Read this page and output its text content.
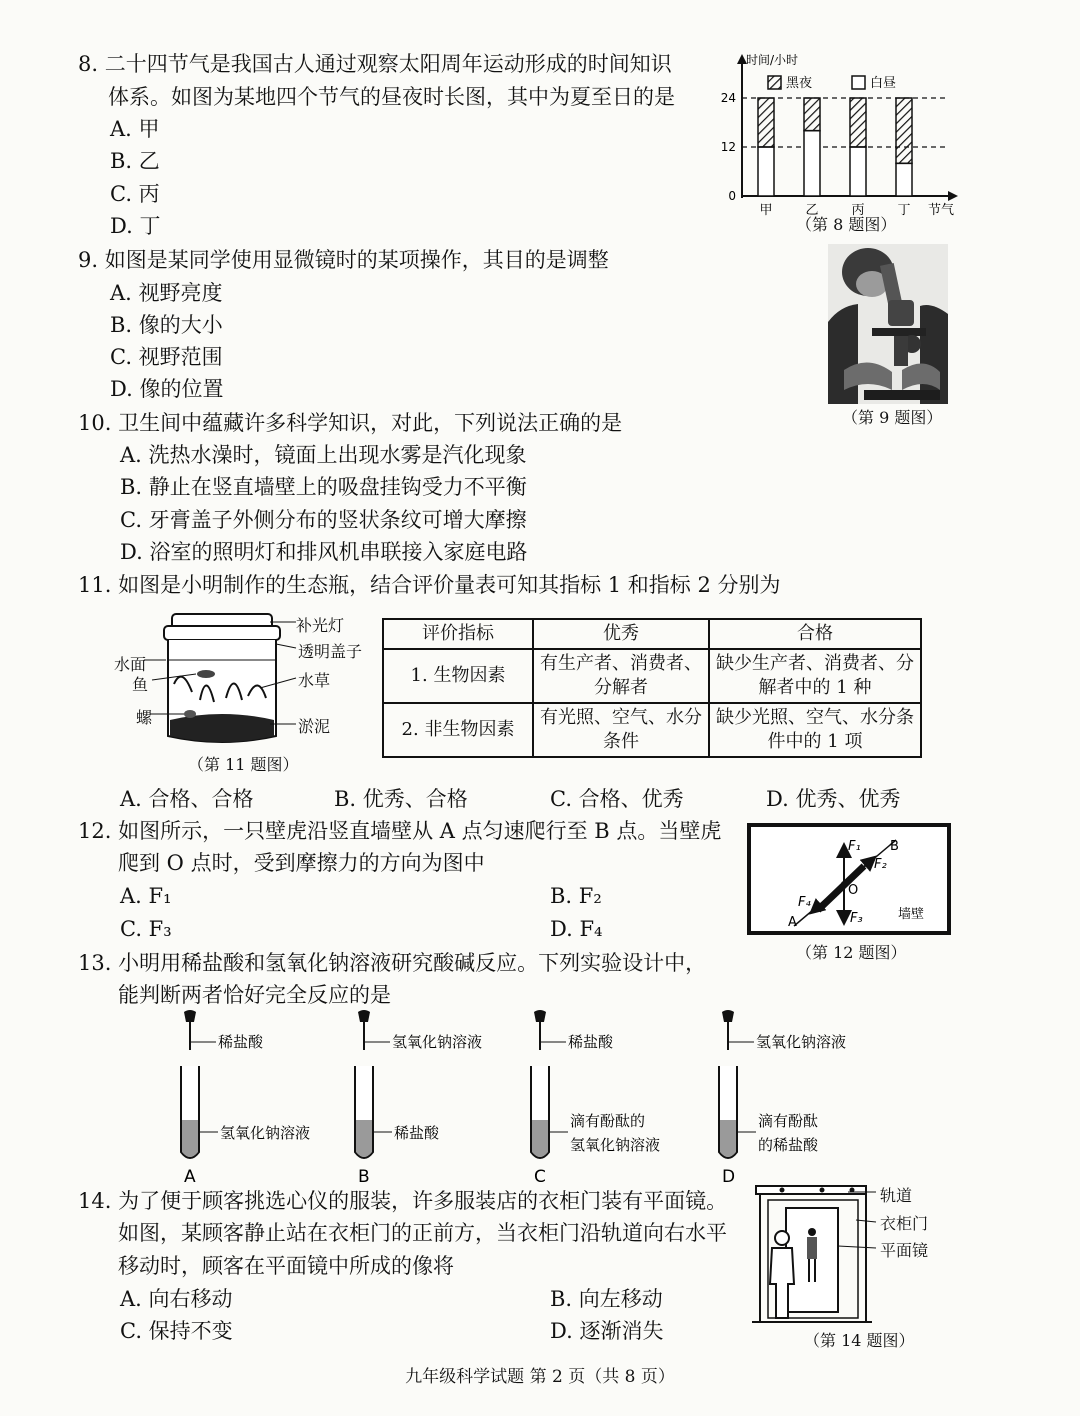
8. 二十四节气是我国古人通过观察太阳周年运动形成的时间知识
体系。如图为某地四个节气的昼夜时长图，其中为夏至日的是
A. 甲
B. 乙
C. 丙
D. 丁
时间/小时
黑夜	白昼
节气
0
12
24
甲	乙	丙	丁
（第 8 题图）
9. 如图是某同学使用显微镜时的某项操作，其目的是调整
A. 视野亮度
B. 像的大小
C. 视野范围
D. 像的位置
（第 9 题图）
10. 卫生间中蕴藏许多科学知识，对此，下列说法正确的是
A. 洗热水澡时，镜面上出现水雾是汽化现象
B. 静止在竖直墙壁上的吸盘挂钩受力不平衡
C. 牙膏盖子外侧分布的竖状条纹可增大摩擦
D. 浴室的照明灯和排风机串联接入家庭电路
11. 如图是小明制作的生态瓶，结合评价量表可知其指标 1 和指标 2 分别为
补光灯
透明盖子
水面
鱼	水草
螺	淤泥
（第 11 题图）
评价指标	优秀	合格
1. 生物因素	有生产者、消费者、分解者	缺少生产者、消费者、分解者中的 1 种
2. 非生物因素	有光照、空气、水分条件	缺少光照、空气、水分条件中的 1 项
A. 合格、合格	B. 优秀、合格	C. 合格、优秀	D. 优秀、优秀
12. 如图所示，一只壁虎沿竖直墙壁从 A 点匀速爬行至 B 点。当壁虎
爬到 O 点时，受到摩擦力的方向为图中
A. F₁	B. F₂
C. F₃	D. F₄
B
A
O
F₁
F₂
F₃
F₄
墙壁
（第 12 题图）
13. 小明用稀盐酸和氢氧化钠溶液研究酸碱反应。下列实验设计中，
能判断两者恰好完全反应的是
稀盐酸
氢氧化钠溶液
A
氢氧化钠溶液
稀盐酸
B
稀盐酸
滴有酚酞的
氢氧化钠溶液
C
氢氧化钠溶液
滴有酚酞
的稀盐酸
D
14. 为了便于顾客挑选心仪的服装，许多服装店的衣柜门装有平面镜。
如图，某顾客静止站在衣柜门的正前方，当衣柜门沿轨道向右水平
移动时，顾客在平面镜中所成的像将
A. 向右移动	B. 向左移动
C. 保持不变	D. 逐渐消失
轨道
衣柜门
平面镜
（第 14 题图）
九年级科学试题 第 2 页（共 8 页）
